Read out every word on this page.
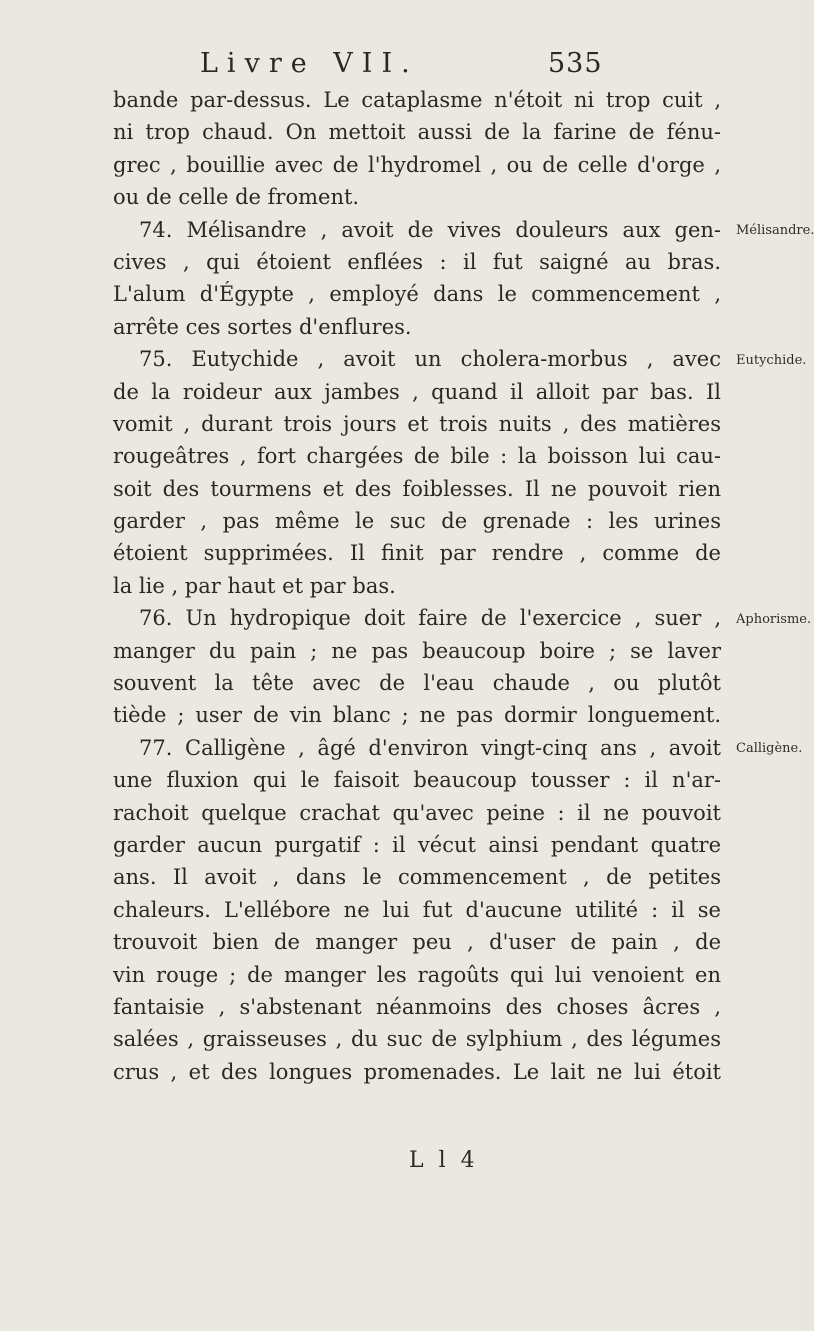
Livre VII.	535
bande par-dessus. Le cataplasme n'étoit ni trop cuit ,
ni trop chaud. On mettoit aussi de la farine de fénu-
grec , bouillie avec de l'hydromel , ou de celle d'orge ,
ou de celle de froment.
74. Mélisandre , avoit de vives douleurs aux gen-
cives , qui étoient enflées : il fut saigné au bras.
L'alum d'Égypte , employé dans le commencement ,
arrête ces sortes d'enflures.
75. Eutychide , avoit un cholera-morbus , avec
de la roideur aux jambes , quand il alloit par bas. Il
vomit , durant trois jours et trois nuits , des matières
rougeâtres , fort chargées de bile : la boisson lui cau-
soit des tourmens et des foiblesses. Il ne pouvoit rien
garder , pas même le suc de grenade : les urines
étoient supprimées. Il finit par rendre , comme de
la lie , par haut et par bas.
76. Un hydropique doit faire de l'exercice , suer ,
manger du pain ; ne pas beaucoup boire ; se laver
souvent la tête avec de l'eau chaude , ou plutôt
tiède ; user de vin blanc ; ne pas dormir longuement.
77. Calligène , âgé d'environ vingt-cinq ans , avoit
une fluxion qui le faisoit beaucoup tousser : il n'ar-
rachoit quelque crachat qu'avec peine : il ne pouvoit
garder aucun purgatif : il vécut ainsi pendant quatre
ans. Il avoit , dans le commencement , de petites
chaleurs. L'ellébore ne lui fut d'aucune utilité : il se
trouvoit bien de manger peu , d'user de pain , de
vin rouge ; de manger les ragoûts qui lui venoient en
fantaisie , s'abstenant néanmoins des choses âcres ,
salées , graisseuses , du suc de sylphium , des légumes
crus , et des longues promenades. Le lait ne lui étoit
Mélisandre.
Eutychide.
Aphorisme.
Calligène.
L l 4
